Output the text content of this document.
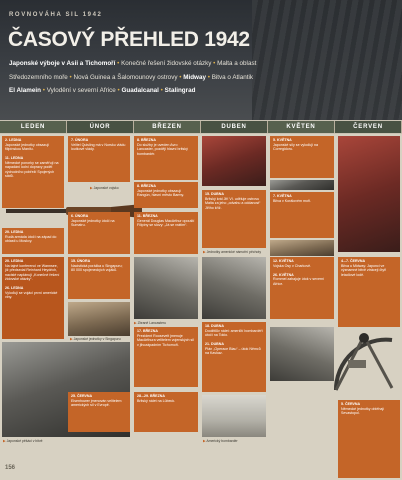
ROVNOVÁHA SIL 1942
ČASOVÝ PŘEHLED 1942
Japonské výboje v Asii a Tichomoří • Konečné řešení židovské otázky • Malta a oblast Středozemního moře • Nová Guinea a Šalomounovy ostrovy • Midway • Bitva o Atlantik
El Alamein • Vylodění v severní Africe • Guadalcanal • Stalingrad
LEDEN	ÚNOR	BŘEZEN	DUBEN	KVĚTEN	ČERVEN
2. LEDNA
Japonské jednotky obsazují filipínskou Manilu.

11. LEDNA
Německé ponorky se zaměřují na napadání lodní dopravy podél východního pobřeží Spojených států.
20. LEDNA
Rudá armáda útočí na západ do oblasti u Moskvy.
20. LEDNA
Na tajné konferenci ve Wannsee, jíž předsedal Reinhard Heydrich, nacisté naplánují „Konečné řešení židovské otázky“.

26. LEDNA
Vyloďují se vojáci první americké vlny.
▶ Japonské pěšáci v bitvě
7. ÚNORA
Velitel Quisling má v Norsku vládu loutkové vlády.
▶ Japonské vojsko
6. ÚNORA
Japonské jednotky útočí na Sumatru.
15. ÚNORA
Nacistická porážka u Singapuru; 80 000 spojeneckých vojáků.
▶ Japonské jednotky v Singapuru
25. ČERVNA
Eisenhower jmenován velitelem amerických sil v Evropě.
8. BŘEZNA
Do služby je uveden Avro Lancaster, později hlavní britský bombardér.
8. BŘEZNA
Japonské jednotky obsazují Rangún, hlavní město Barmy.
11. BŘEZNA
Generál Douglas MacArthur opouští Filipíny se slovy: „Já se vrátím“.
▶ Zbraně Lancasteru
17. BŘEZNA
Prezident Roosevelt jmenuje MacArthura velitelem vojenských sil v jihozápadním Tichomoří.
28.–29. BŘEZNA
Britský nálet na Lübeck.
15. DUBNA
Britský král Jiří VI. uděluje ostrovu Malta za jeho „odvahu a oddanost“ Jiřího kříž.
▶ Jednotky americké námořní pěchoty
18. DUBNA
Doolittlův nálet: američtí bombardéři útočí na Tokio.

21. DUBNA
Plán „Operace Blau“ – útok Němců na Kavkaz.
▶ Americký bombardér
5. KVĚTNA
Japonské síly se vyloďují na Corregidoru.
7. KVĚTNA
Bitva v Korálovém moři.
12. KVĚTNA
Vojska Osy v Charkově.

26. KVĚTNA
Rommel zahajuje útok v severní Africe.
4.–7. ČERVNA
Bitva u Midway: Japonci ve významné bitvě ztrácejí čtyři letadlové lodě.
5. ČERVNA
Německé jednotky obléhají Sevastopol.
156
